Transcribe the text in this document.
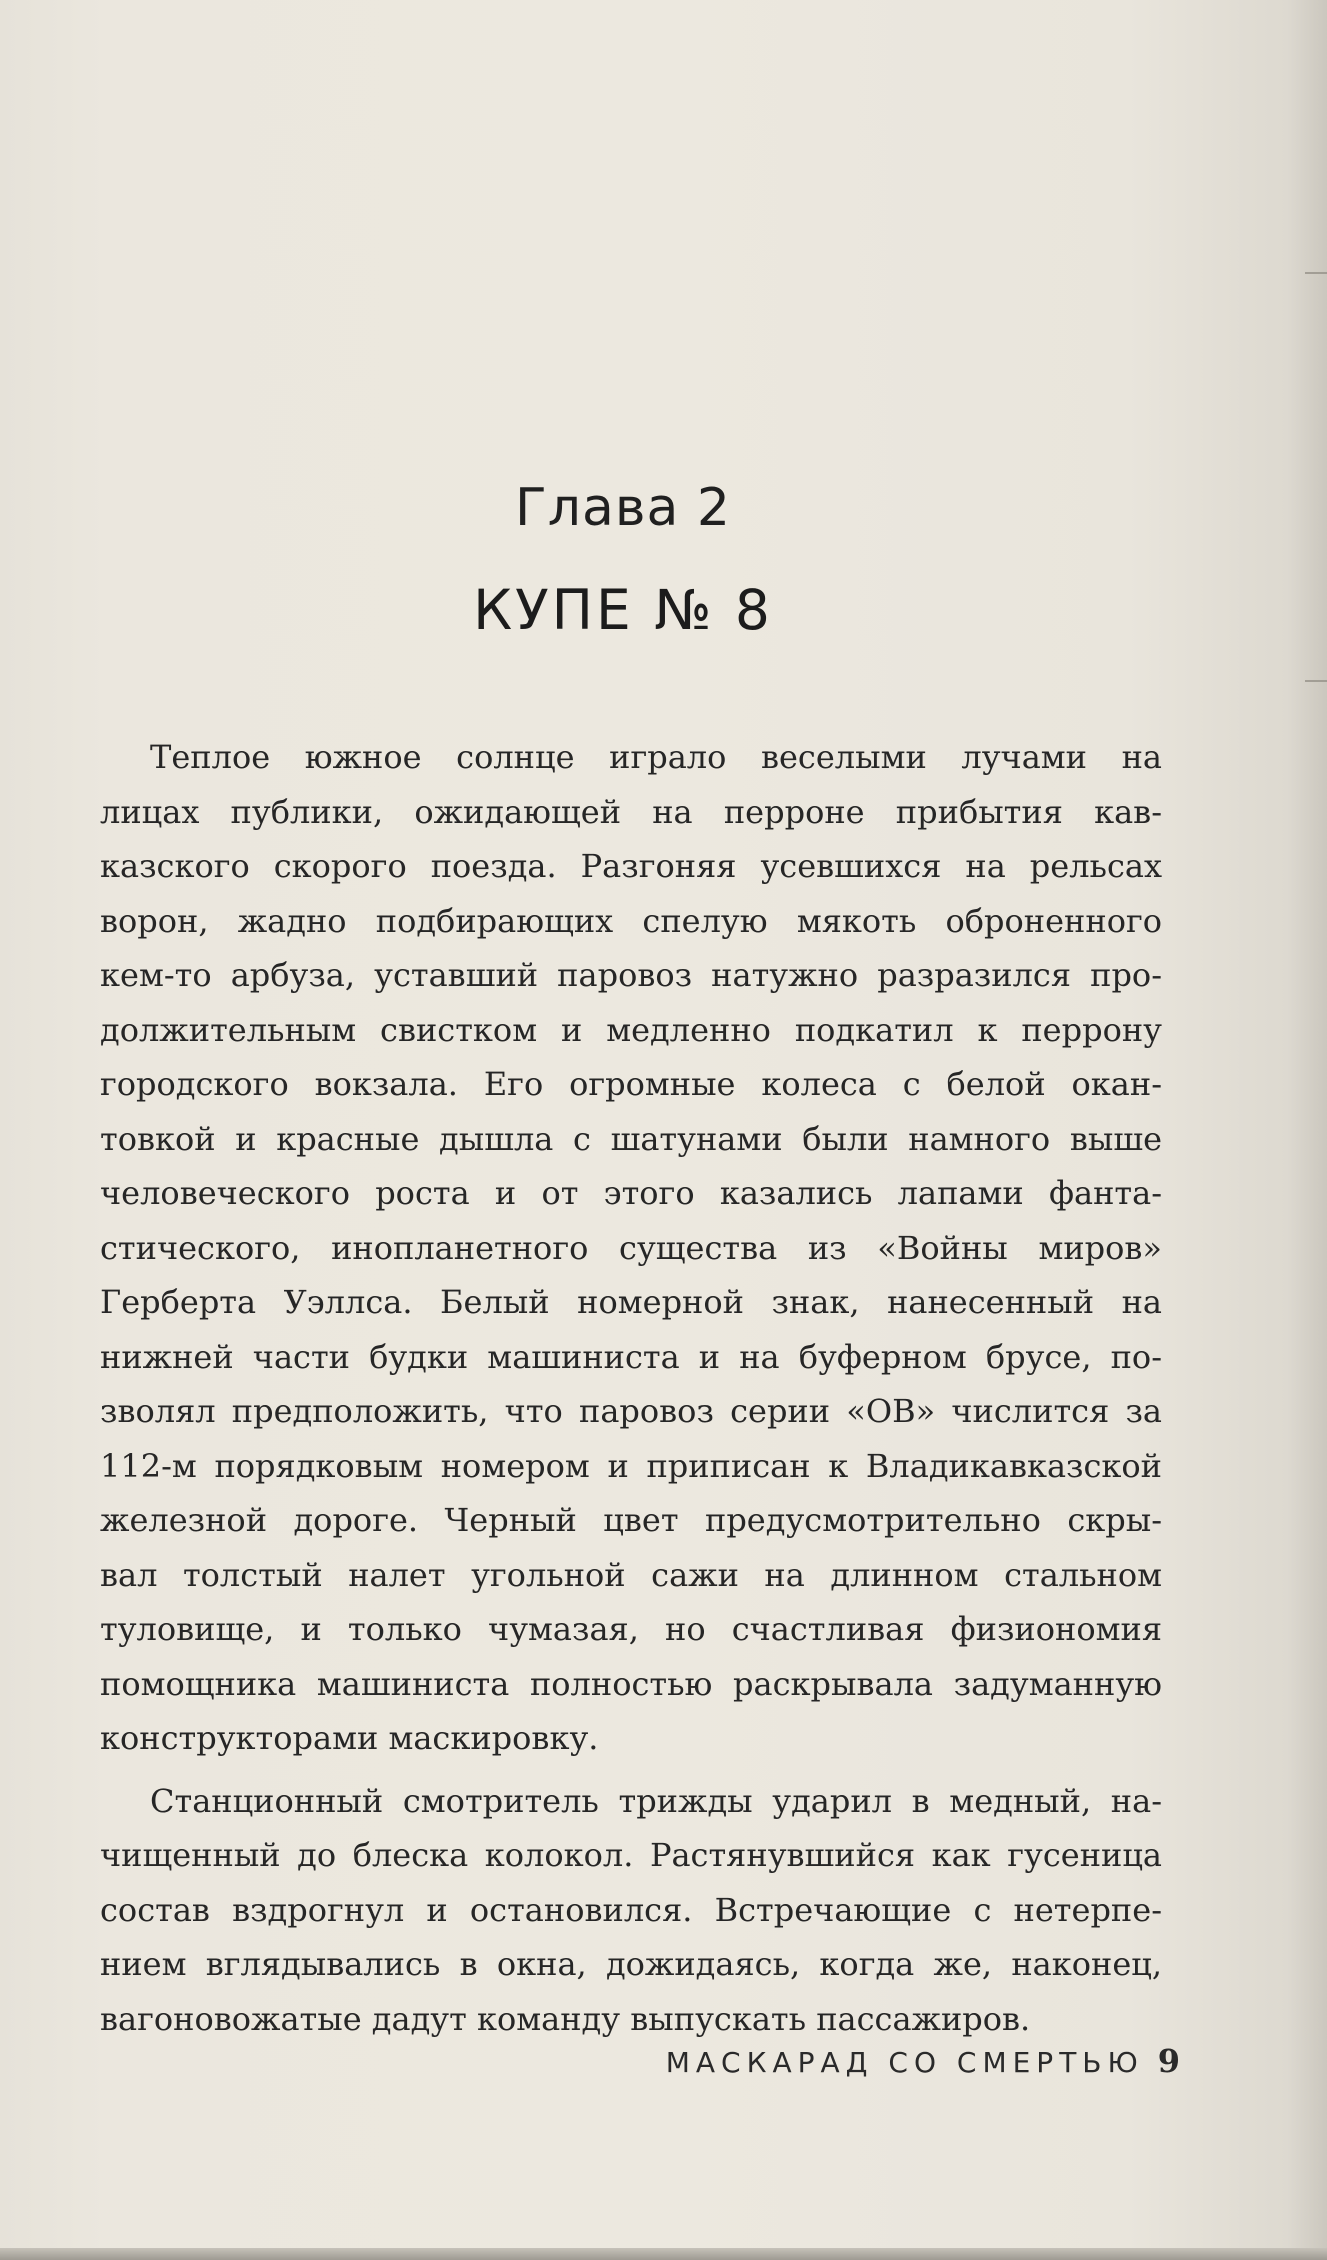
Глава 2
КУПЕ № 8
Теплое южное солнце играло веселыми лучами на
лицах публики, ожидающей на перроне прибытия кав-
казского скорого поезда. Разгоняя усевшихся на рельсах
ворон, жадно подбирающих спелую мякоть оброненного
кем-то арбуза, уставший паровоз натужно разразился про-
должительным свистком и медленно подкатил к перрону
городского вокзала. Его огромные колеса с белой окан-
товкой и красные дышла с шатунами были намного выше
человеческого роста и от этого казались лапами фанта-
стического, инопланетного существа из «Войны миров»
Герберта Уэллса. Белый номерной знак, нанесенный на
нижней части будки машиниста и на буферном брусе, по-
зволял предположить, что паровоз серии «ОВ» числится за
112-м порядковым номером и приписан к Владикавказской
железной дороге. Черный цвет предусмотрительно скры-
вал толстый налет угольной сажи на длинном стальном
туловище, и только чумазая, но счастливая физиономия
помощника машиниста полностью раскрывала задуманную
конструкторами маскировку.
Станционный смотритель трижды ударил в медный, на-
чищенный до блеска колокол. Растянувшийся как гусеница
состав вздрогнул и остановился. Встречающие с нетерпе-
нием вглядывались в окна, дожидаясь, когда же, наконец,
вагоновожатые дадут команду выпускать пассажиров.
МАСКАРАД СО СМЕРТЬЮ 9
